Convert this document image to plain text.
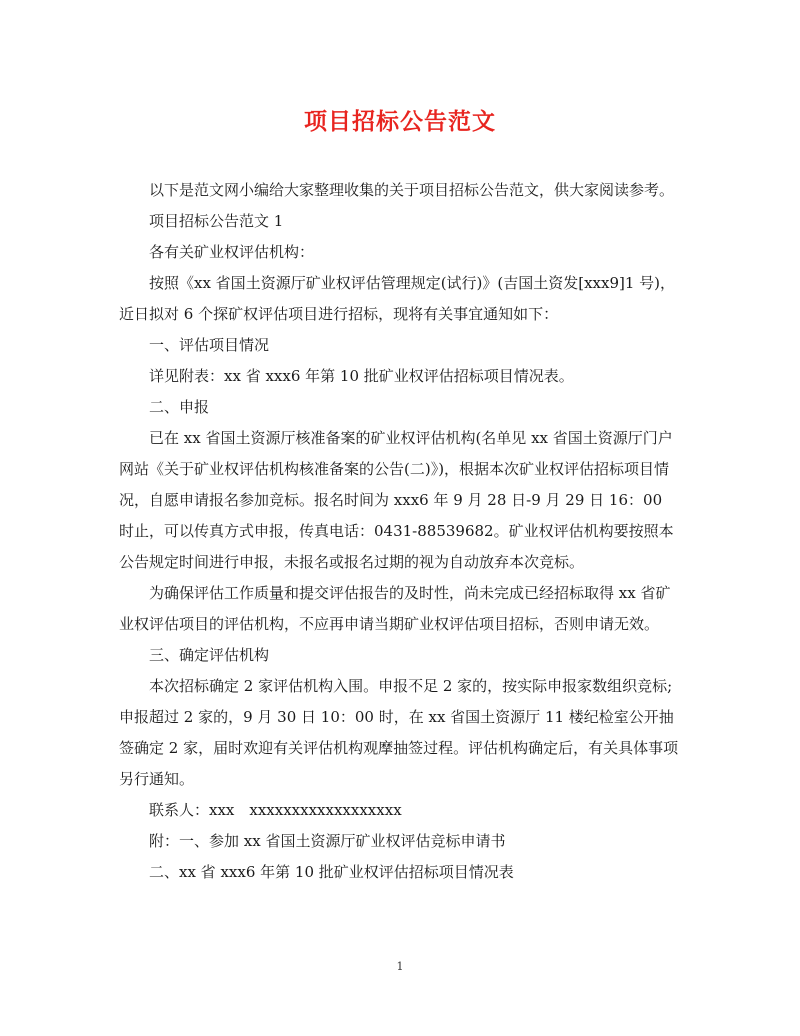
项目招标公告范文

以下是范文网小编给大家整理收集的关于项目招标公告范文，供大家阅读参考。

项目招标公告范文 1

各有关矿业权评估机构：

按照《xx 省国土资源厅矿业权评估管理规定(试行)》(吉国土资发[xxx9]1 号)，近日拟对 6 个探矿权评估项目进行招标，现将有关事宜通知如下：

一、评估项目情况

详见附表：xx 省 xxx6 年第 10 批矿业权评估招标项目情况表。

二、申报

已在 xx 省国土资源厅核准备案的矿业权评估机构(名单见 xx 省国土资源厅门户网站《关于矿业权评估机构核准备案的公告(二)》)，根据本次矿业权评估招标项目情况，自愿申请报名参加竞标。报名时间为 xxx6 年 9 月 28 日-9 月 29 日 16：00 时止，可以传真方式申报，传真电话：0431-88539682。矿业权评估机构要按照本公告规定时间进行申报，未报名或报名过期的视为自动放弃本次竞标。

为确保评估工作质量和提交评估报告的及时性，尚未完成已经招标取得 xx 省矿业权评估项目的评估机构，不应再申请当期矿业权评估项目招标，否则申请无效。

三、确定评估机构

本次招标确定 2 家评估机构入围。申报不足 2 家的，按实际申报家数组织竞标;申报超过 2 家的，9 月 30 日 10：00 时，在 xx 省国土资源厅 11 楼纪检室公开抽签确定 2 家，届时欢迎有关评估机构观摩抽签过程。评估机构确定后，有关具体事项另行通知。

联系人：xxx　xxxxxxxxxxxxxxxxxx

附：一、参加 xx 省国土资源厅矿业权评估竞标申请书

二、xx 省 xxx6 年第 10 批矿业权评估招标项目情况表

1
